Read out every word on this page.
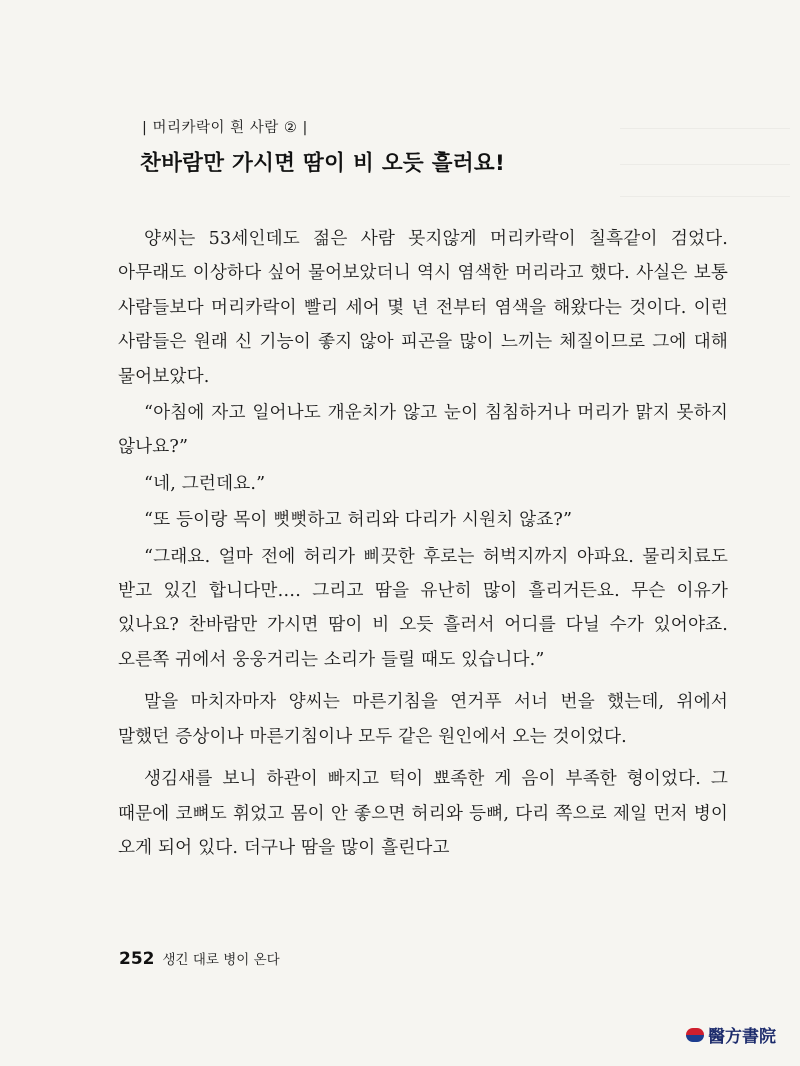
| 머리카락이 흰 사람 ② |
찬바람만 가시면 땀이 비 오듯 흘러요!

양씨는 53세인데도 젊은 사람 못지않게 머리카락이 칠흑같이 검었다. 아무래도 이상하다 싶어 물어보았더니 역시 염색한 머리라고 했다. 사실은 보통 사람들보다 머리카락이 빨리 세어 몇 년 전부터 염색을 해왔다는 것이다. 이런 사람들은 원래 신 기능이 좋지 않아 피곤을 많이 느끼는 체질이므로 그에 대해 물어보았다.

“아침에 자고 일어나도 개운치가 않고 눈이 침침하거나 머리가 맑지 못하지 않나요?”

“네, 그런데요.”

“또 등이랑 목이 뻣뻣하고 허리와 다리가 시원치 않죠?”

“그래요. 얼마 전에 허리가 삐끗한 후로는 허벅지까지 아파요. 물리치료도 받고 있긴 합니다만…. 그리고 땀을 유난히 많이 흘리거든요. 무슨 이유가 있나요? 찬바람만 가시면 땀이 비 오듯 흘러서 어디를 다닐 수가 있어야죠. 오른쪽 귀에서 웅웅거리는 소리가 들릴 때도 있습니다.”

말을 마치자마자 양씨는 마른기침을 연거푸 서너 번을 했는데, 위에서 말했던 증상이나 마른기침이나 모두 같은 원인에서 오는 것이었다.

생김새를 보니 하관이 빠지고 턱이 뾰족한 게 음이 부족한 형이었다. 그 때문에 코뼈도 휘었고 몸이 안 좋으면 허리와 등뼈, 다리 쪽으로 제일 먼저 병이 오게 되어 있다. 더구나 땀을 많이 흘린다고

252 생긴 대로 병이 온다
醫方書院
